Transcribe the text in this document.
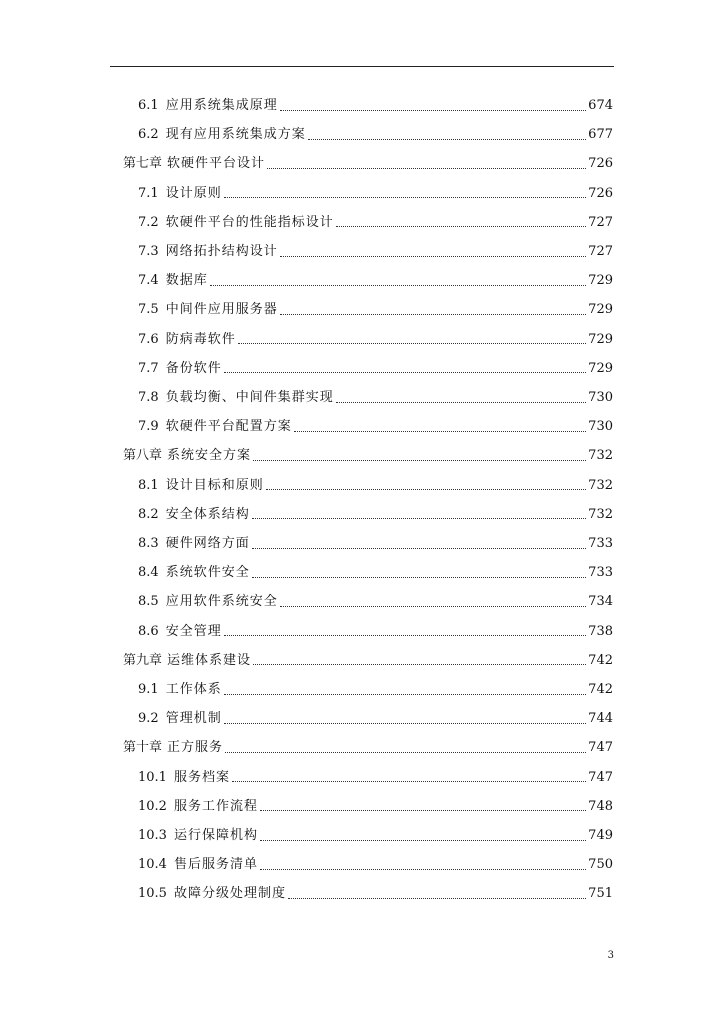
6.1 应用系统集成原理	674
6.2 现有应用系统集成方案	677
第七章 软硬件平台设计	726
7.1 设计原则	726
7.2 软硬件平台的性能指标设计	727
7.3 网络拓扑结构设计	727
7.4 数据库	729
7.5 中间件应用服务器	729
7.6 防病毒软件	729
7.7 备份软件	729
7.8 负载均衡、中间件集群实现	730
7.9 软硬件平台配置方案	730
第八章 系统安全方案	732
8.1 设计目标和原则	732
8.2 安全体系结构	732
8.3 硬件网络方面	733
8.4 系统软件安全	733
8.5 应用软件系统安全	734
8.6 安全管理	738
第九章 运维体系建设	742
9.1 工作体系	742
9.2 管理机制	744
第十章 正方服务	747
10.1 服务档案	747
10.2 服务工作流程	748
10.3 运行保障机构	749
10.4 售后服务清单	750
10.5 故障分级处理制度	751
3
